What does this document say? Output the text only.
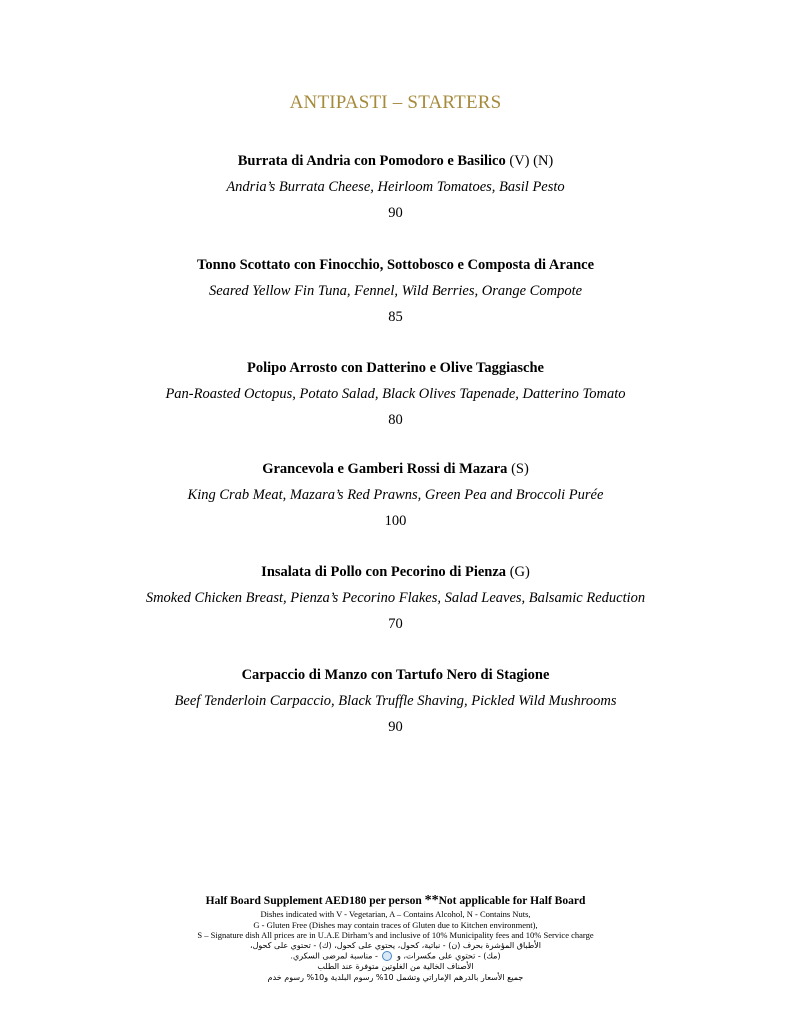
ANTIPASTI – STARTERS
Burrata di Andria con Pomodoro e Basilico (V) (N)
Andria’s Burrata Cheese, Heirloom Tomatoes, Basil Pesto
90
Tonno Scottato con Finocchio, Sottobosco e Composta di Arance
Seared Yellow Fin Tuna, Fennel, Wild Berries, Orange Compote
85
Polipo Arrosto con Datterino e Olive Taggiasche
Pan-Roasted Octopus, Potato Salad, Black Olives Tapenade, Datterino Tomato
80
Grancevola e Gamberi Rossi di Mazara (S)
King Crab Meat, Mazara’s Red Prawns, Green Pea and Broccoli Purée
100
Insalata di Pollo con Pecorino di Pienza (G)
Smoked Chicken Breast, Pienza’s Pecorino Flakes, Salad Leaves, Balsamic Reduction
70
Carpaccio di Manzo con Tartufo Nero di Stagione
Beef Tenderloin Carpaccio, Black Truffle Shaving, Pickled Wild Mushrooms
90
Half Board Supplement AED180 per person **Not applicable for Half Board
Dishes indicated with V - Vegetarian, A – Contains Alcohol, N - Contains Nuts,
G - Gluten Free (Dishes may contain traces of Gluten due to Kitchen environment),
S – Signature dish All prices are in U.A.E Dirham’s and inclusive of 10% Municipality fees and 10% Service charge
الأطباق المؤشرة بحرف (ن) - نباتية، كحول، يحتوي على كحول، (ك) - تحتوي على كحول،
(مك) - تحتوي على مكسرات، و  - مناسبة لمرضى السكري.
الأصناف الخالية من الغلوتين متوفرة عند الطلب
جميع الأسعار بالدرهم الإماراتي وتشمل 10% رسوم البلدية و10% رسوم خدم
